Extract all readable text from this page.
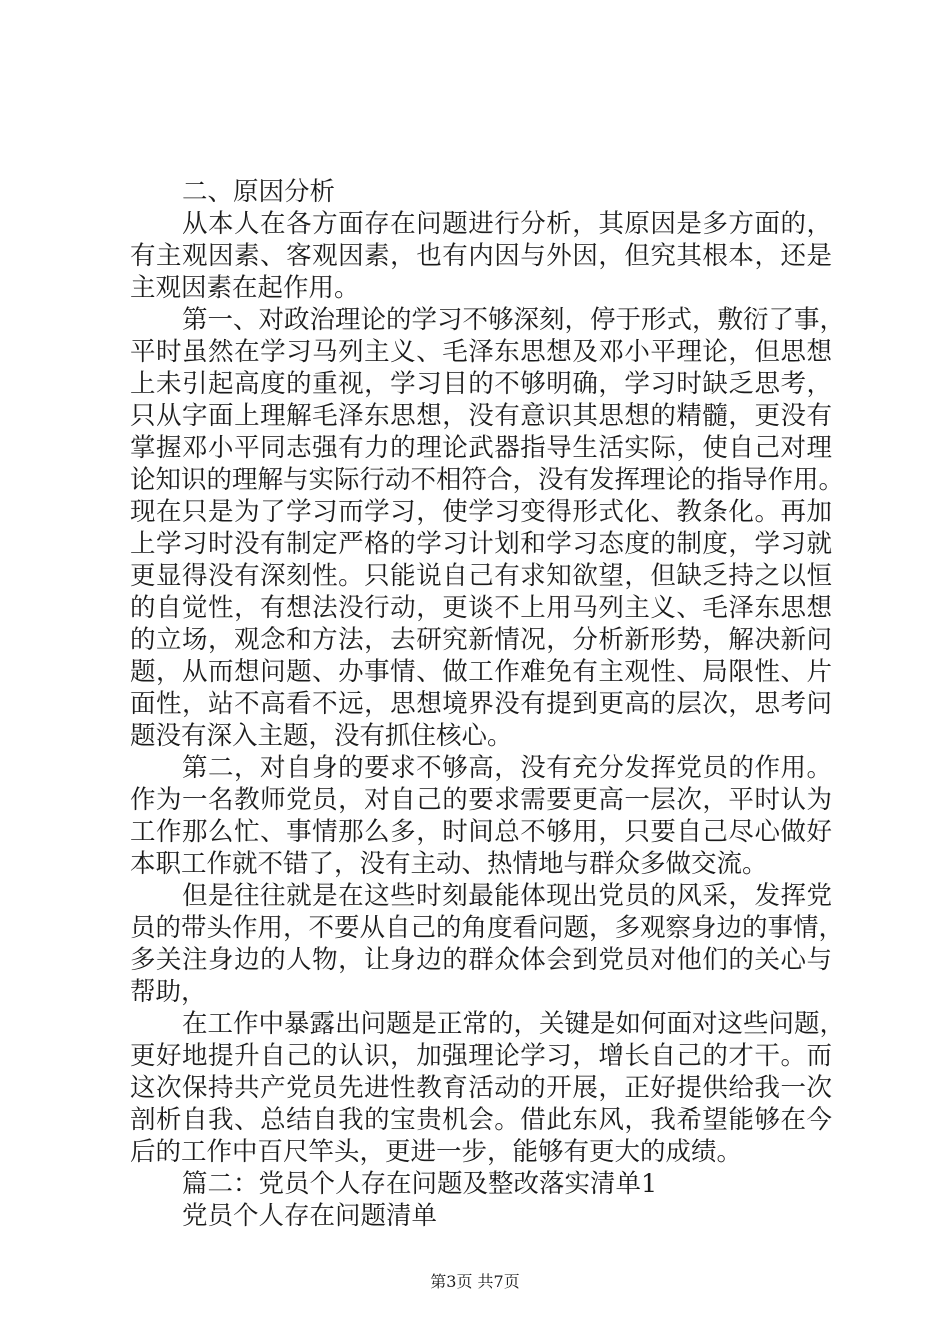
二、原因分析
从本人在各方面存在问题进行分析，其原因是多方面的，
有主观因素、客观因素，也有内因与外因，但究其根本，还是
主观因素在起作用。
第一、对政治理论的学习不够深刻，停于形式，敷衍了事，
平时虽然在学习马列主义、毛泽东思想及邓小平理论，但思想
上未引起高度的重视，学习目的不够明确，学习时缺乏思考，
只从字面上理解毛泽东思想，没有意识其思想的精髓，更没有
掌握邓小平同志强有力的理论武器指导生活实际，使自己对理
论知识的理解与实际行动不相符合，没有发挥理论的指导作用。
现在只是为了学习而学习，使学习变得形式化、教条化。再加
上学习时没有制定严格的学习计划和学习态度的制度，学习就
更显得没有深刻性。只能说自己有求知欲望，但缺乏持之以恒
的自觉性，有想法没行动，更谈不上用马列主义、毛泽东思想
的立场，观念和方法，去研究新情况，分析新形势，解决新问
题，从而想问题、办事情、做工作难免有主观性、局限性、片
面性，站不高看不远，思想境界没有提到更高的层次，思考问
题没有深入主题，没有抓住核心。
第二，对自身的要求不够高，没有充分发挥党员的作用。
作为一名教师党员，对自己的要求需要更高一层次，平时认为
工作那么忙、事情那么多，时间总不够用，只要自己尽心做好
本职工作就不错了，没有主动、热情地与群众多做交流。
但是往往就是在这些时刻最能体现出党员的风采，发挥党
员的带头作用，不要从自己的角度看问题，多观察身边的事情，
多关注身边的人物，让身边的群众体会到党员对他们的关心与
帮助，
在工作中暴露出问题是正常的，关键是如何面对这些问题，
更好地提升自己的认识，加强理论学习，增长自己的才干。而
这次保持共产党员先进性教育活动的开展，正好提供给我一次
剖析自我、总结自我的宝贵机会。借此东风，我希望能够在今
后的工作中百尺竿头，更进一步，能够有更大的成绩。
篇二：党员个人存在问题及整改落实清单1
党员个人存在问题清单
第3页 共7页
